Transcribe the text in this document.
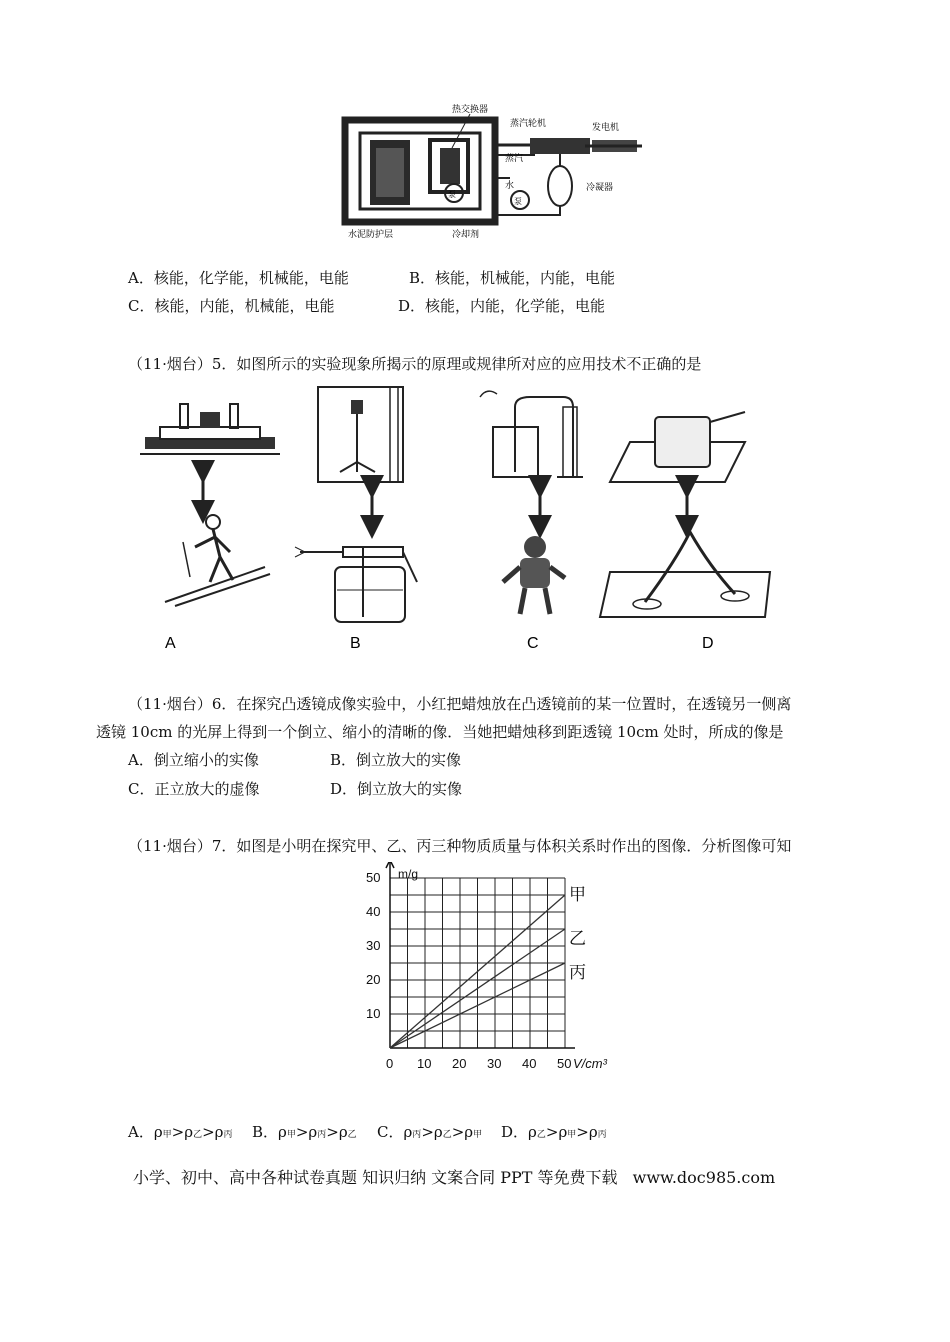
泵
泵
热交换器
蒸汽轮机	发电机
蒸汽
水	冷凝器
水泥防护层	冷却剂
A．核能，化学能，机械能，电能	B．核能，机械能，内能，电能
C．核能，内能，机械能，电能	D．核能，内能，化学能，电能
（11·烟台）5．如图所示的实验现象所揭示的原理或规律所对应的应用技术不正确的是
A	B	C	D
（11·烟台）6．在探究凸透镜成像实验中，小红把蜡烛放在凸透镜前的某一位置时，在透镜另一侧离
透镜 10cm 的光屏上得到一个倒立、缩小的清晰的像．当她把蜡烛移到距透镜 10cm 处时，所成的像是
A．倒立缩小的实像	B．倒立放大的实像
C．正立放大的虚像	D．倒立放大的实像
（11·烟台）7．如图是小明在探究甲、乙、丙三种物质质量与体积关系时作出的图像．分析图像可知
0 10 20 30 40 50
10
20
30
40
50 m/g
V/cm³
甲
乙
丙
A．ρ甲>ρ乙>ρ丙 B．ρ甲>ρ丙>ρ乙 C．ρ丙>ρ乙>ρ甲 D．ρ乙>ρ甲>ρ丙
小学、初中、高中各种试卷真题 知识归纳 文案合同 PPT 等免费下载 www.doc985.com
